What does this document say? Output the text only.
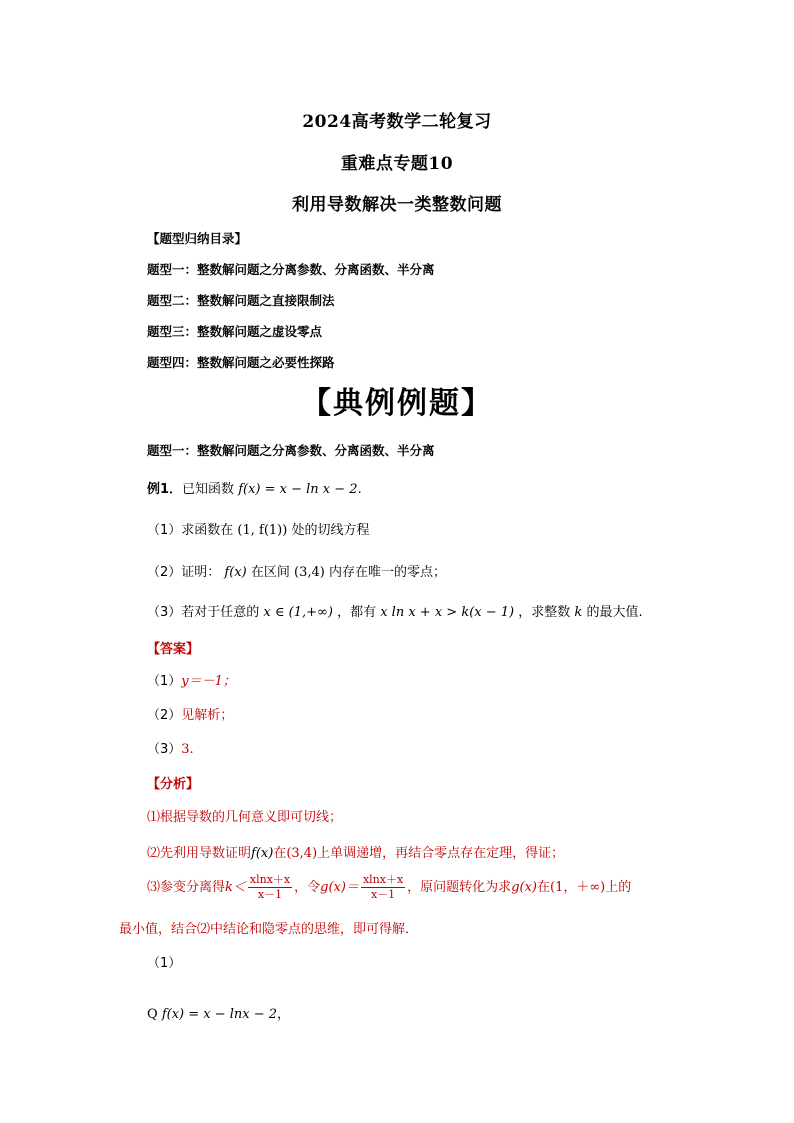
2024高考数学二轮复习
重难点专题10
利用导数解决一类整数问题
【题型归纳目录】
题型一：整数解问题之分离参数、分离函数、半分离
题型二：整数解问题之直接限制法
题型三：整数解问题之虚设零点
题型四：整数解问题之必要性探路
【典例例题】
题型一：整数解问题之分离参数、分离函数、半分离
例1．已知函数 f(x) = x − ln x − 2.
（1）求函数在 (1, f(1)) 处的切线方程
（2）证明： f(x) 在区间 (3,4) 内存在唯一的零点；
（3）若对于任意的 x ∈ (1,+∞) ，都有 x ln x + x > k(x − 1) ，求整数 k 的最大值.
【答案】
（1）y＝－1；
（2）见解析；
（3）3.
【分析】
⑴根据导数的几何意义即可切线；
⑵先利用导数证明f(x)在(3,4)上单调递增，再结合零点存在定理，得证；
⑶参变分离得$k< \frac{xlnx+x}{x-1}$ ，令$g(x)= \frac{xlnx+x}{x-1}$ ，原问题转化为求g(x)在(1，＋∞)上的
最小值，结合⑵中结论和隐零点的思维，即可得解．
（1）
Q f(x) = x − lnx − 2，
